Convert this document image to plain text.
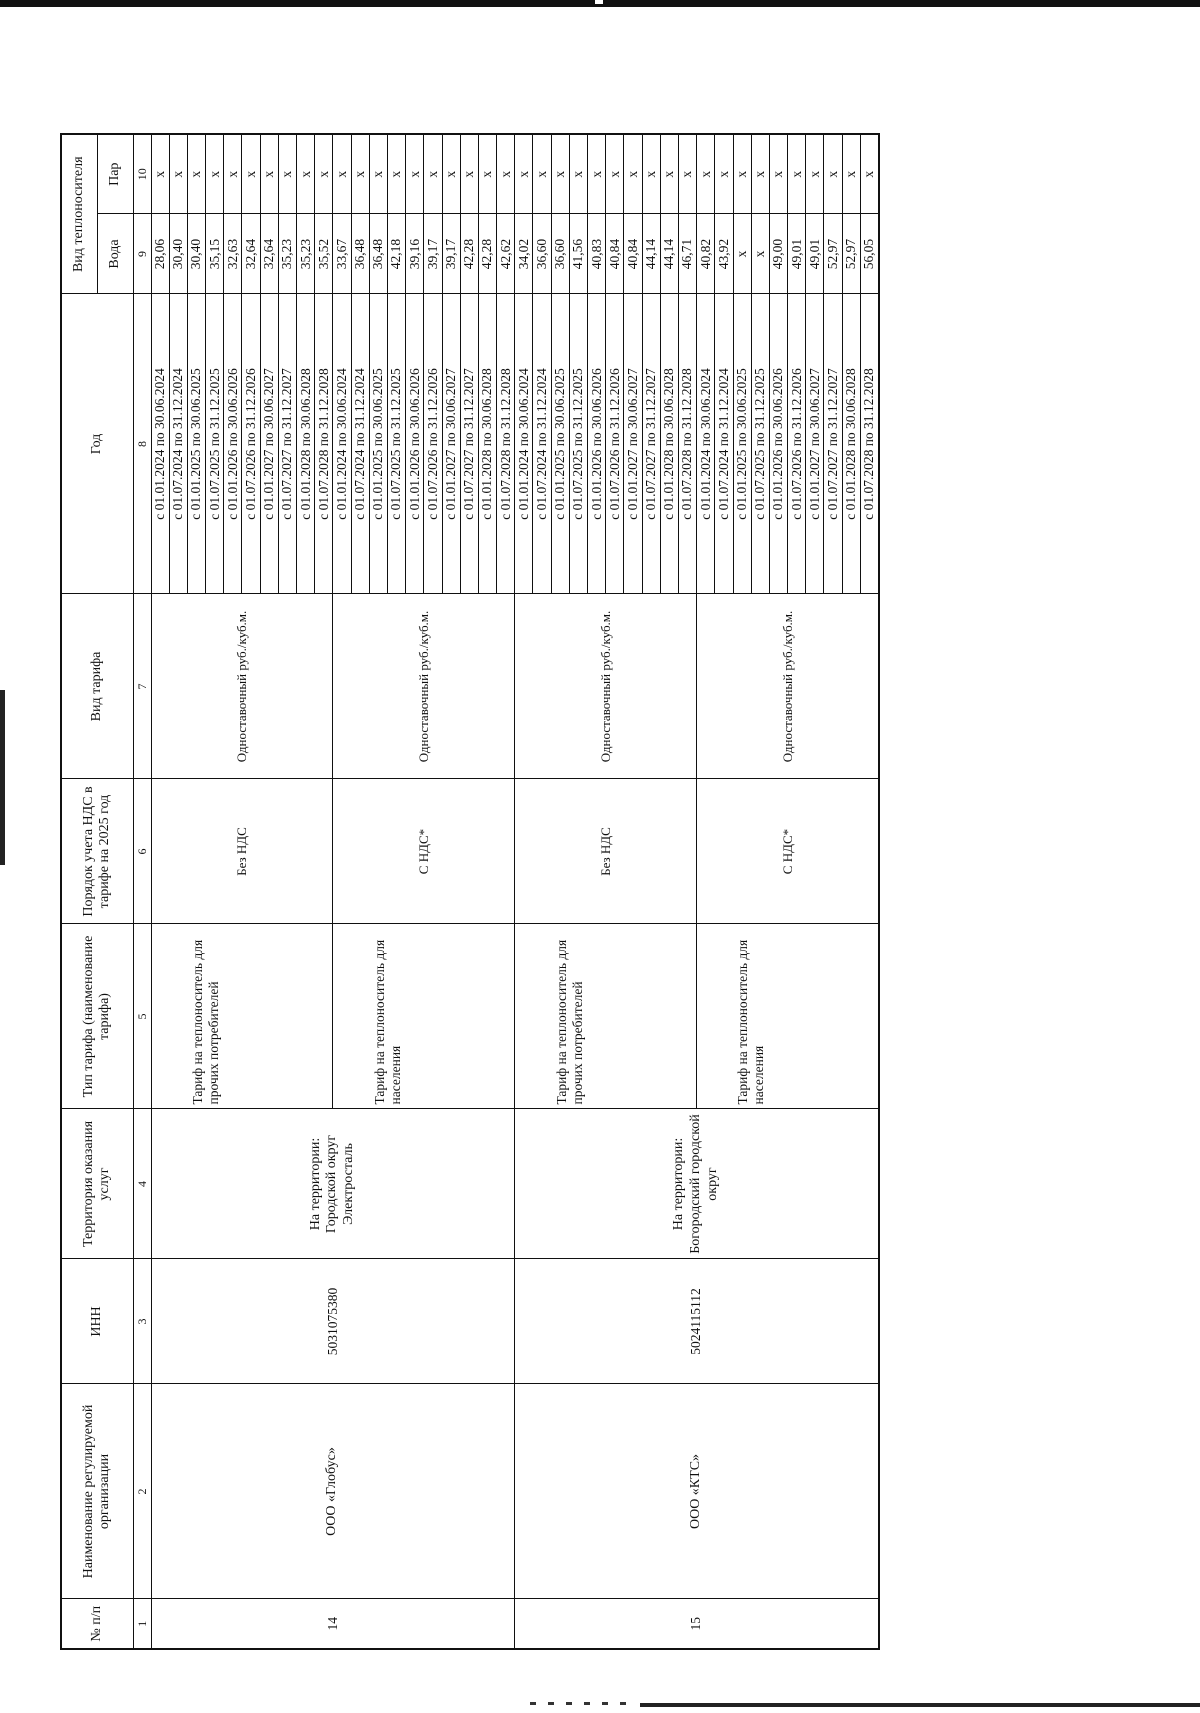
№ п/п	Наименование регулируемой организации	ИНН	Территория оказания услуг	Тип тарифа (наименование тарифа)	Порядок учета НДС в тарифе на 2025 год	Вид тарифа	Год	Вид теплоносителя	
								Вода	Пар
1	2	3	4	5	6	7	8	9	10
14	ООО «Глобус»	5031075380	На территории: Городской округ Электросталь	Тариф на теплоноситель для прочих потребителей	Без НДС	Одноставочный руб./куб.м.	с 01.01.2024 по 30.06.2024	28,06	x
							с 01.07.2024 по 31.12.2024	30,40	x
							с 01.01.2025 по 30.06.2025	30,40	x
							с 01.07.2025 по 31.12.2025	35,15	x
							с 01.01.2026 по 30.06.2026	32,63	x
							с 01.07.2026 по 31.12.2026	32,64	x
							с 01.01.2027 по 30.06.2027	32,64	x
							с 01.07.2027 по 31.12.2027	35,23	x
							с 01.01.2028 по 30.06.2028	35,23	x
							с 01.07.2028 по 31.12.2028	35,52	x
				Тариф на теплоноситель для населения	С НДС*	Одноставочный руб./куб.м.	с 01.01.2024 по 30.06.2024	33,67	x
							с 01.07.2024 по 31.12.2024	36,48	x
							с 01.01.2025 по 30.06.2025	36,48	x
							с 01.07.2025 по 31.12.2025	42,18	x
							с 01.01.2026 по 30.06.2026	39,16	x
							с 01.07.2026 по 31.12.2026	39,17	x
							с 01.01.2027 по 30.06.2027	39,17	x
							с 01.07.2027 по 31.12.2027	42,28	x
							с 01.01.2028 по 30.06.2028	42,28	x
							с 01.07.2028 по 31.12.2028	42,62	x
15	ООО «КТС»	5024115112	На территории: Богородский городской округ	Тариф на теплоноситель для прочих потребителей	Без НДС	Одноставочный руб./куб.м.	с 01.01.2024 по 30.06.2024	34,02	x
							с 01.07.2024 по 31.12.2024	36,60	x
							с 01.01.2025 по 30.06.2025	36,60	x
							с 01.07.2025 по 31.12.2025	41,56	x
							с 01.01.2026 по 30.06.2026	40,83	x
							с 01.07.2026 по 31.12.2026	40,84	x
							с 01.01.2027 по 30.06.2027	40,84	x
							с 01.07.2027 по 31.12.2027	44,14	x
							с 01.01.2028 по 30.06.2028	44,14	x
							с 01.07.2028 по 31.12.2028	46,71	x
				Тариф на теплоноситель для населения	С НДС*	Одноставочный руб./куб.м.	с 01.01.2024 по 30.06.2024	40,82	x
							с 01.07.2024 по 31.12.2024	43,92	x
							с 01.01.2025 по 30.06.2025	x	x
							с 01.07.2025 по 31.12.2025	x	x
							с 01.01.2026 по 30.06.2026	49,00	x
							с 01.07.2026 по 31.12.2026	49,01	x
							с 01.01.2027 по 30.06.2027	49,01	x
							с 01.07.2027 по 31.12.2027	52,97	x
							с 01.01.2028 по 30.06.2028	52,97	x
							с 01.07.2028 по 31.12.2028	56,05	x
